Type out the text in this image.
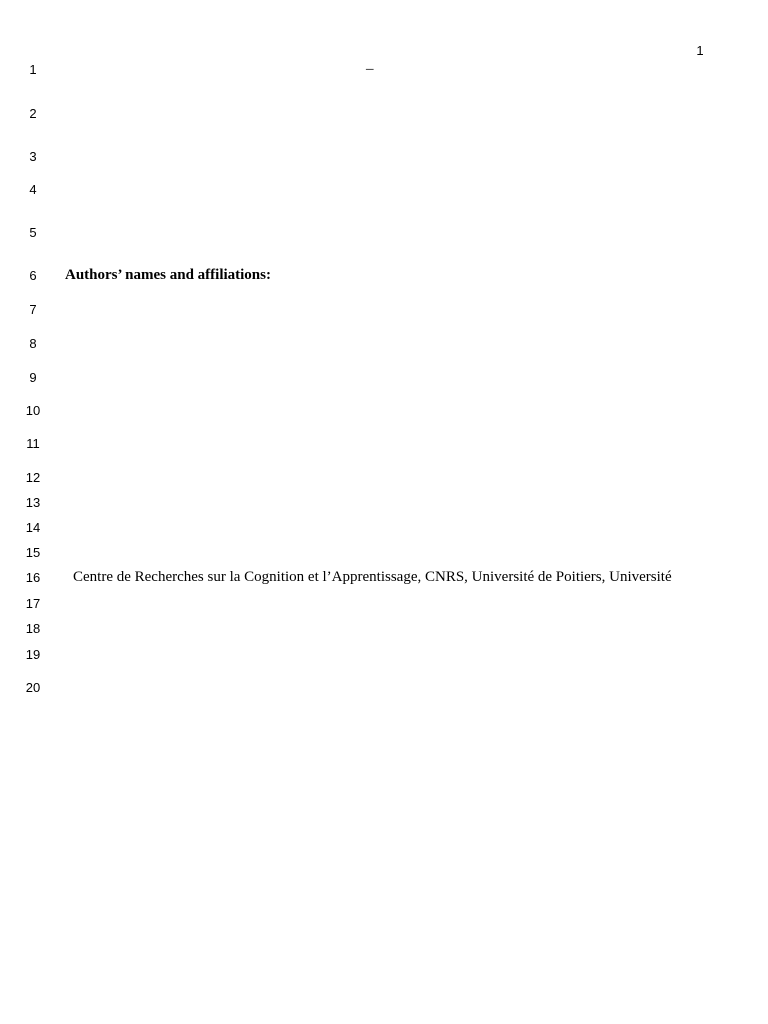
1
1
2
3
4
5
6
7
8
9
10
11
12
13
14
15
16
17
18
19
20
–
Authors’ names and affiliations:
Centre de Recherches sur la Cognition et l’Apprentissage, CNRS, Université de Poitiers, Université
